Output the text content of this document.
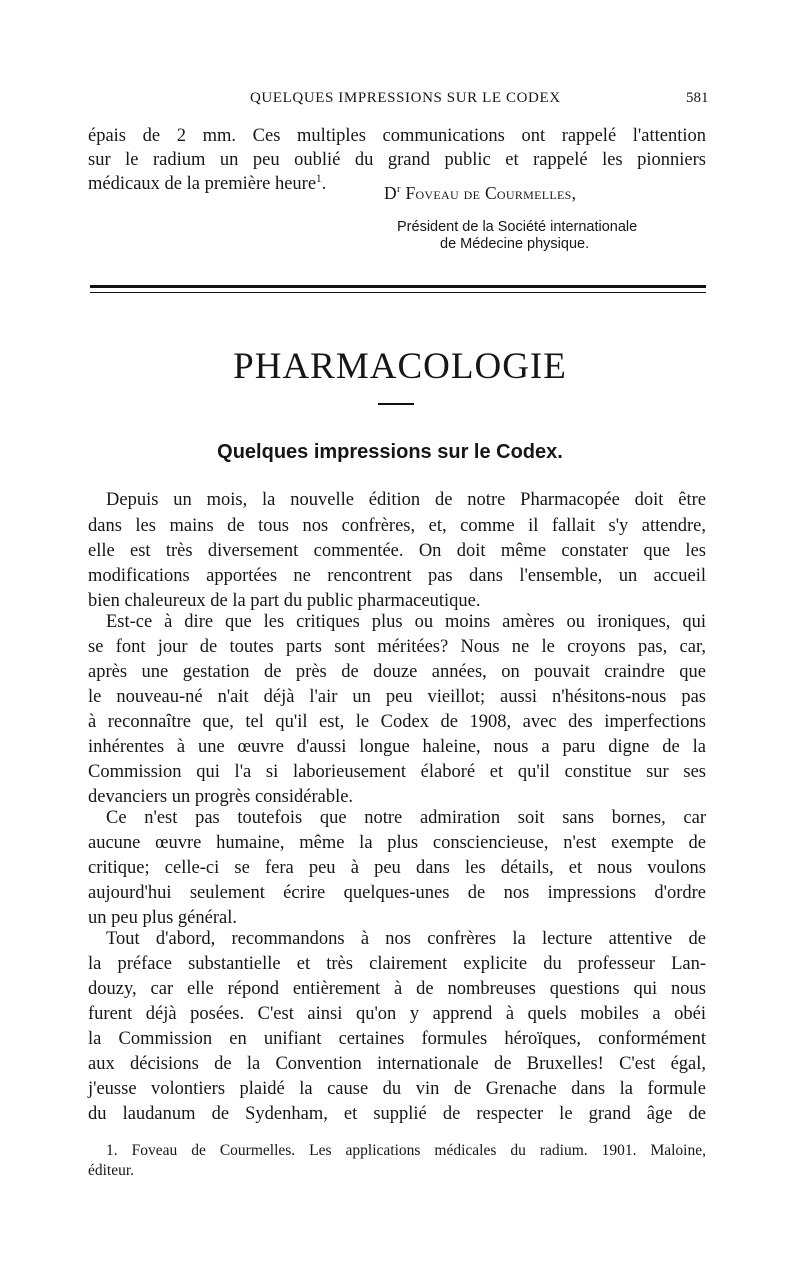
QUELQUES IMPRESSIONS SUR LE CODEX	581
épais de 2 mm. Ces multiples communications ont rappelé l'attention
sur le radium un peu oublié du grand public et rappelé les pionniers
médicaux de la première heure$^1$.	$D^r$ Foveau de Courmelles,
Président de la Société internationale
de Médecine physique.
PHARMACOLOGIE
Quelques impressions sur le Codex.
Depuis un mois, la nouvelle édition de notre Pharmacopée doit être
dans les mains de tous nos confrères, et, comme il fallait s'y attendre,
elle est très diversement commentée. On doit même constater que les
modifications apportées ne rencontrent pas dans l'ensemble, un accueil
bien chaleureux de la part du public pharmaceutique.
Est-ce à dire que les critiques plus ou moins amères ou ironiques, qui
se font jour de toutes parts sont méritées? Nous ne le croyons pas, car,
après une gestation de près de douze années, on pouvait craindre que
le nouveau-né n'ait déjà l'air un peu vieillot; aussi n'hésitons-nous pas
à reconnaître que, tel qu'il est, le Codex de 1908, avec des imperfections
inhérentes à une œuvre d'aussi longue haleine, nous a paru digne de la
Commission qui l'a si laborieusement élaboré et qu'il constitue sur ses
devanciers un progrès considérable.
Ce n'est pas toutefois que notre admiration soit sans bornes, car
aucune œuvre humaine, même la plus consciencieuse, n'est exempte de
critique; celle-ci se fera peu à peu dans les détails, et nous voulons
aujourd'hui seulement écrire quelques-unes de nos impressions d'ordre
un peu plus général.
Tout d'abord, recommandons à nos confrères la lecture attentive de
la préface substantielle et très clairement explicite du professeur Lan-
douzy, car elle répond entièrement à de nombreuses questions qui nous
furent déjà posées. C'est ainsi qu'on y apprend à quels mobiles a obéi
la Commission en unifiant certaines formules héroïques, conformément
aux décisions de la Convention internationale de Bruxelles! C'est égal,
j'eusse volontiers plaidé la cause du vin de Grenache dans la formule
du laudanum de Sydenham, et supplié de respecter le grand âge de
1. Foveau de Courmelles. Les applications médicales du radium. 1901. Maloine,
éditeur.
